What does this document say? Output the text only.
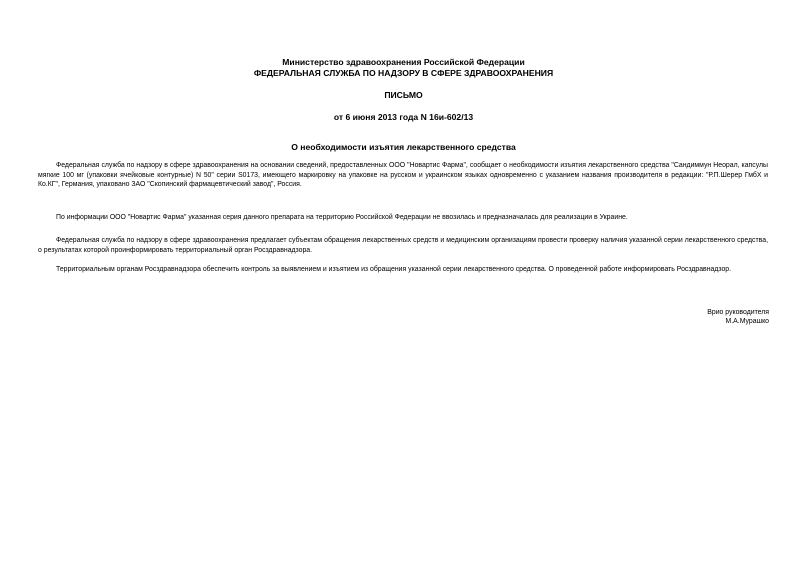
Министерство здравоохранения Российской Федерации
ФЕДЕРАЛЬНАЯ СЛУЖБА ПО НАДЗОРУ В СФЕРЕ ЗДРАВООХРАНЕНИЯ
ПИСЬМО
от 6 июня 2013 года N 16и-602/13
О необходимости изъятия лекарственного средства

Федеральная служба по надзору в сфере здравоохранения на основании сведений, предоставленных ООО "Новартис Фарма", сообщает о необходимости изъятия лекарственного средства "Сандиммун Неорал, капсулы мягкие 100 мг (упаковки ячейковые контурные) N 50" серии S0173, имеющего маркировку на упаковке на русском и украинском языках одновременно с указанием названия производителя в редакции: "Р.П.Шерер ГмбХ и Ко.КГ", Германия, упаковано ЗАО "Скопинский фармацевтический завод", Россия.

По информации ООО "Новартис Фарма" указанная серия данного препарата на территорию Российской Федерации не ввозилась и предназначалась для реализации в Украине.

Федеральная служба по надзору в сфере здравоохранения предлагает субъектам обращения лекарственных средств и медицинским организациям провести проверку наличия указанной серии лекарственного средства, о результатах которой проинформировать территориальный орган Росздравнадзора.

Территориальным органам Росздравнадзора обеспечить контроль за выявлением и изъятием из обращения указанной серии лекарственного средства. О проведенной работе информировать Росздравнадзор.

Врио руководителя
М.А.Мурашко
